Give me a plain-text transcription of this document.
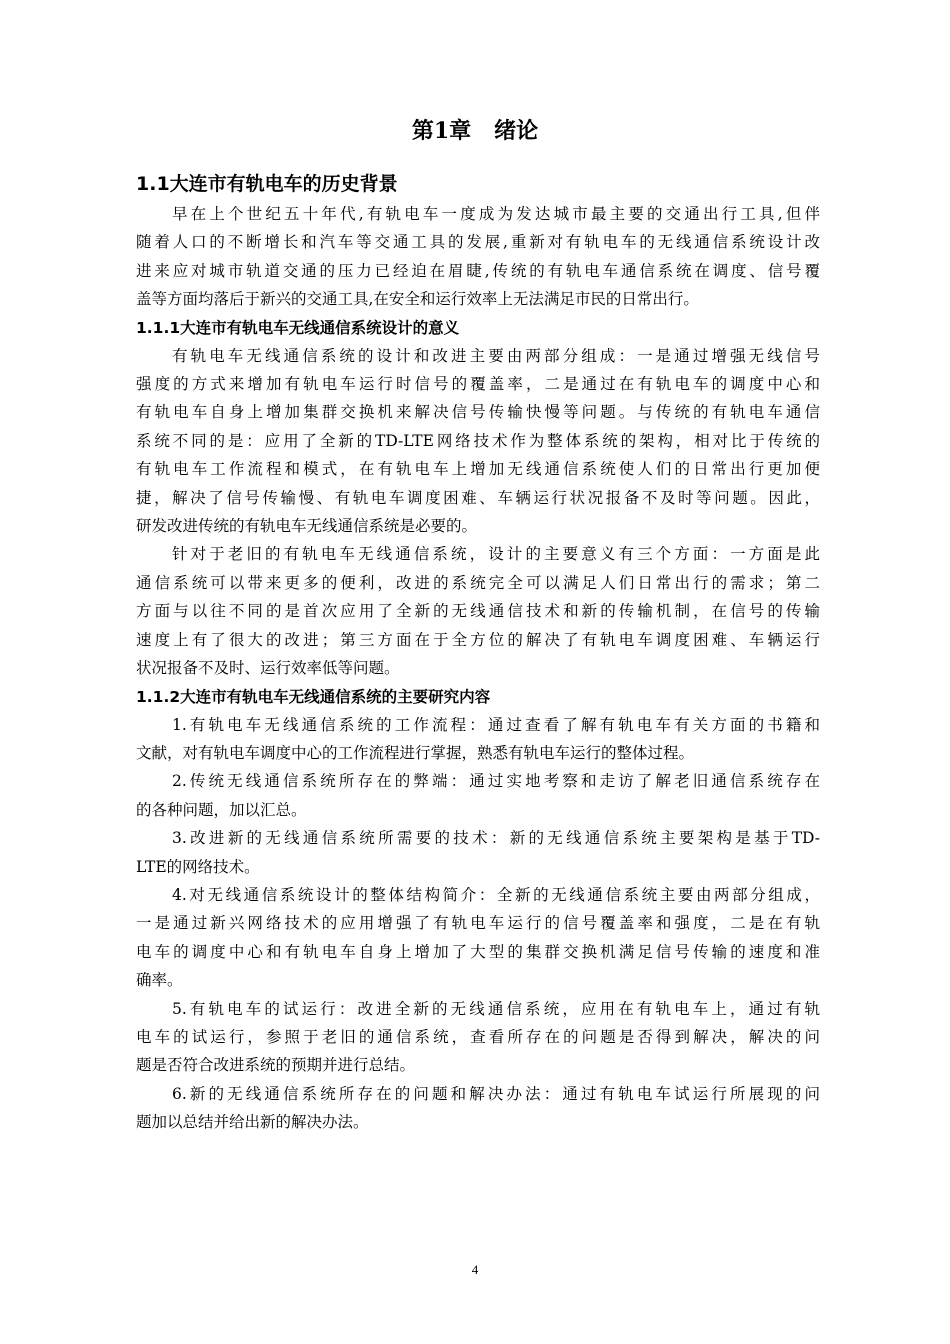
第1章   绪论
1.1大连市有轨电车的历史背景

早在上个世纪五十年代,有轨电车一度成为发达城市最主要的交通出行工具,但伴
随着人口的不断增长和汽车等交通工具的发展,重新对有轨电车的无线通信系统设计改
进来应对城市轨道交通的压力已经迫在眉睫,传统的有轨电车通信系统在调度、信号覆
盖等方面均落后于新兴的交通工具,在安全和运行效率上无法满足市民的日常出行。

1.1.1大连市有轨电车无线通信系统设计的意义

有轨电车无线通信系统的设计和改进主要由两部分组成：一是通过增强无线信号
强度的方式来增加有轨电车运行时信号的覆盖率，二是通过在有轨电车的调度中心和
有轨电车自身上增加集群交换机来解决信号传输快慢等问题。与传统的有轨电车通信
系统不同的是：应用了全新的TD-LTE网络技术作为整体系统的架构，相对比于传统的
有轨电车工作流程和模式，在有轨电车上增加无线通信系统使人们的日常出行更加便
捷，解决了信号传输慢、有轨电车调度困难、车辆运行状况报备不及时等问题。因此，
研发改进传统的有轨电车无线通信系统是必要的。

针对于老旧的有轨电车无线通信系统，设计的主要意义有三个方面：一方面是此
通信系统可以带来更多的便利，改进的系统完全可以满足人们日常出行的需求；第二
方面与以往不同的是首次应用了全新的无线通信技术和新的传输机制，在信号的传输
速度上有了很大的改进；第三方面在于全方位的解决了有轨电车调度困难、车辆运行
状况报备不及时、运行效率低等问题。

1.1.2大连市有轨电车无线通信系统的主要研究内容

1.有轨电车无线通信系统的工作流程：通过查看了解有轨电车有关方面的书籍和
文献，对有轨电车调度中心的工作流程进行掌握，熟悉有轨电车运行的整体过程。

2.传统无线通信系统所存在的弊端：通过实地考察和走访了解老旧通信系统存在
的各种问题，加以汇总。

3.改进新的无线通信系统所需要的技术：新的无线通信系统主要架构是基于TD-
LTE的网络技术。

4.对无线通信系统设计的整体结构简介：全新的无线通信系统主要由两部分组成，
一是通过新兴网络技术的应用增强了有轨电车运行的信号覆盖率和强度，二是在有轨
电车的调度中心和有轨电车自身上增加了大型的集群交换机满足信号传输的速度和准
确率。

5.有轨电车的试运行：改进全新的无线通信系统，应用在有轨电车上，通过有轨
电车的试运行，参照于老旧的通信系统，查看所存在的问题是否得到解决，解决的问
题是否符合改进系统的预期并进行总结。

6.新的无线通信系统所存在的问题和解决办法：通过有轨电车试运行所展现的问
题加以总结并给出新的解决办法。

4
